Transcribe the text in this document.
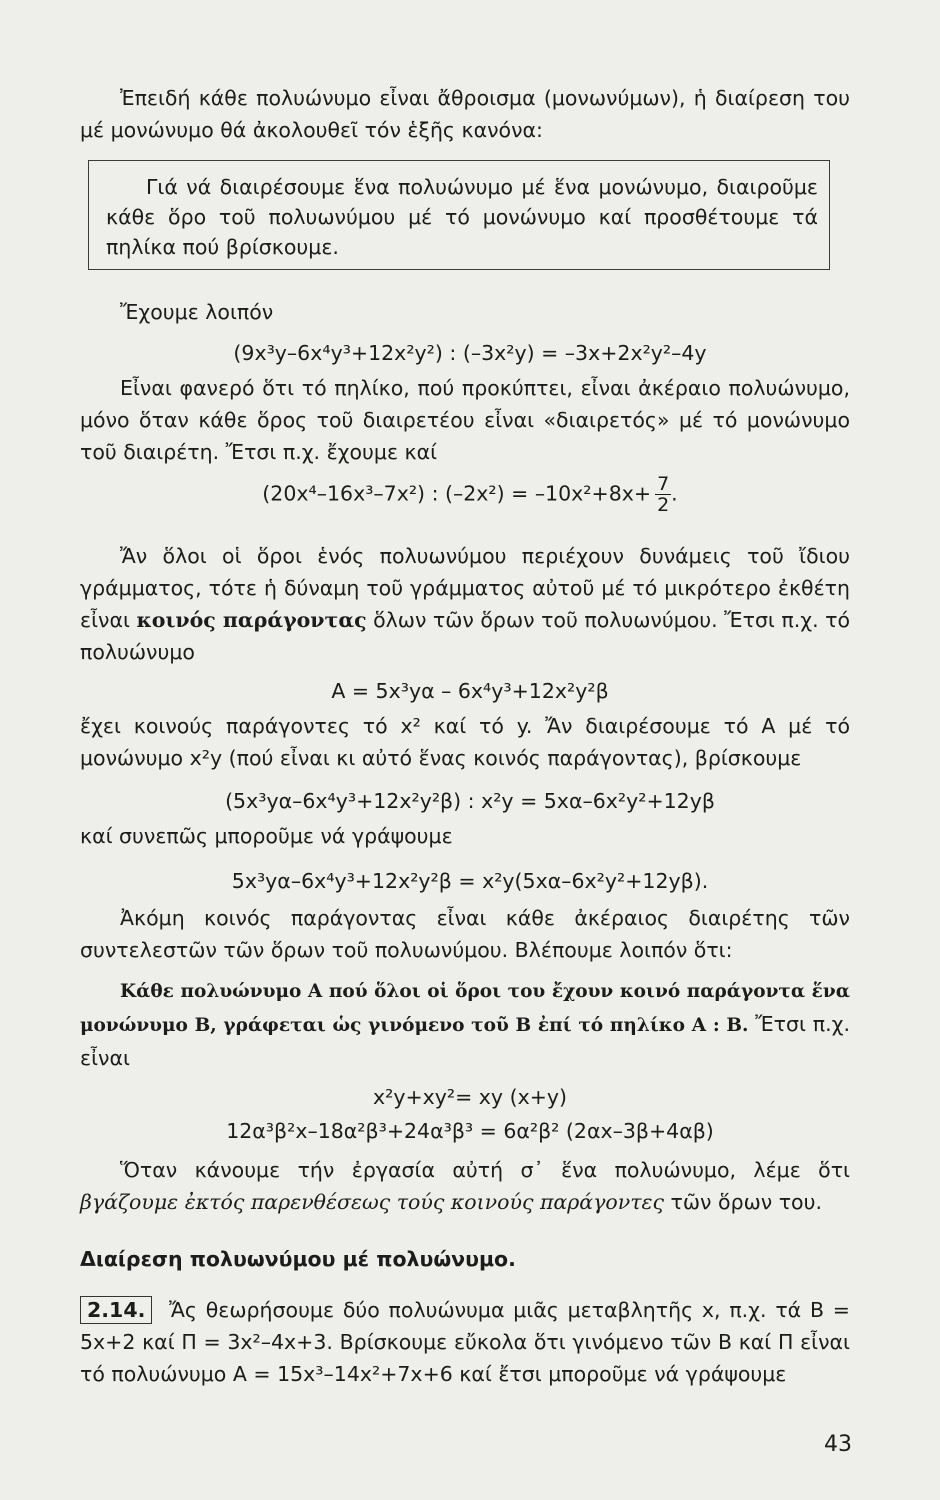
Ἐπειδή κάθε πολυώνυμο εἶναι ἄθροισμα (μονωνύμων), ἡ διαίρεση του μέ μονώνυμο θά ἀκολουθεῖ τόν ἑξῆς κανόνα:

Γιά νά διαιρέσουμε ἕνα πολυώνυμο μέ ἕνα μονώνυμο, διαιροῦμε κάθε ὅρο τοῦ πολυωνύμου μέ τό μονώνυμο καί προσθέτουμε τά πηλίκα πού βρίσκουμε.

Ἔχουμε λοιπόν

(9x³y–6x⁴y³+12x²y²) : (–3x²y) = –3x+2x²y²–4y

Εἶναι φανερό ὅτι τό πηλίκο, πού προκύπτει, εἶναι ἀκέραιο πολυώνυμο, μόνο ὅταν κάθε ὅρος τοῦ διαιρετέου εἶναι «διαιρετός» μέ τό μονώνυμο τοῦ διαιρέτη. Ἔτσι π.χ. ἔχουμε καί

(20x⁴–16x³–7x²) : $(-2x^2) = -10x^2+8x+ \frac{7}{2}$ .

Ἄν ὅλοι οἱ ὅροι ἑνός πολυωνύμου περιέχουν δυνάμεις τοῦ ἴδιου γράμματος, τότε ἡ δύναμη τοῦ γράμματος αὐτοῦ μέ τό μικρότερο ἐκθέτη εἶναι κοινός παράγοντας ὅλων τῶν ὅρων τοῦ πολυωνύμου. Ἔτσι π.χ. τό πολυώνυμο

A = 5x³yα – 6x⁴y³+12x²y²β

ἔχει κοινούς παράγοντες τό x² καί τό y. Ἄν διαιρέσουμε τό A μέ τό μονώνυμο x²y (πού εἶναι κι αὐτό ἕνας κοινός παράγοντας), βρίσκουμε

(5x³yα–6x⁴y³+12x²y²β) : x²y = 5xα–6x²y²+12yβ

καί συνεπῶς μποροῦμε νά γράψουμε

5x³yα–6x⁴y³+12x²y²β = x²y(5xα–6x²y²+12yβ).

Ἀκόμη κοινός παράγοντας εἶναι κάθε ἀκέραιος διαιρέτης τῶν συντελεστῶν τῶν ὅρων τοῦ πολυωνύμου. Βλέπουμε λοιπόν ὅτι:

Κάθε πολυώνυμο A πού ὅλοι οἱ ὅροι του ἔχουν κοινό παράγοντα ἕνα μονώνυμο B, γράφεται ὡς γινόμενο τοῦ B ἐπί τό πηλίκο A : B. Ἔτσι π.χ. εἶναι

x²y+xy²= xy (x+y)

12α³β²x–18α²β³+24α³β³ = 6α²β² (2αx–3β+4αβ)

Ὅταν κάνουμε τήν ἐργασία αὐτή σ᾽ ἕνα πολυώνυμο, λέμε ὅτι βγάζουμε ἐκτός παρενθέσεως τούς κοινούς παράγοντες τῶν ὅρων του.

Διαίρεση πολυωνύμου μέ πολυώνυμο.

2.14. Ἄς θεωρήσουμε δύο πολυώνυμα μιᾶς μεταβλητῆς x, π.χ. τά B = 5x+2 καί Π = 3x²–4x+3. Βρίσκουμε εὔκολα ὅτι γινόμενο τῶν B καί Π εἶναι τό πολυώνυμο A = 15x³–14x²+7x+6 καί ἔτσι μποροῦμε νά γράψουμε

43
